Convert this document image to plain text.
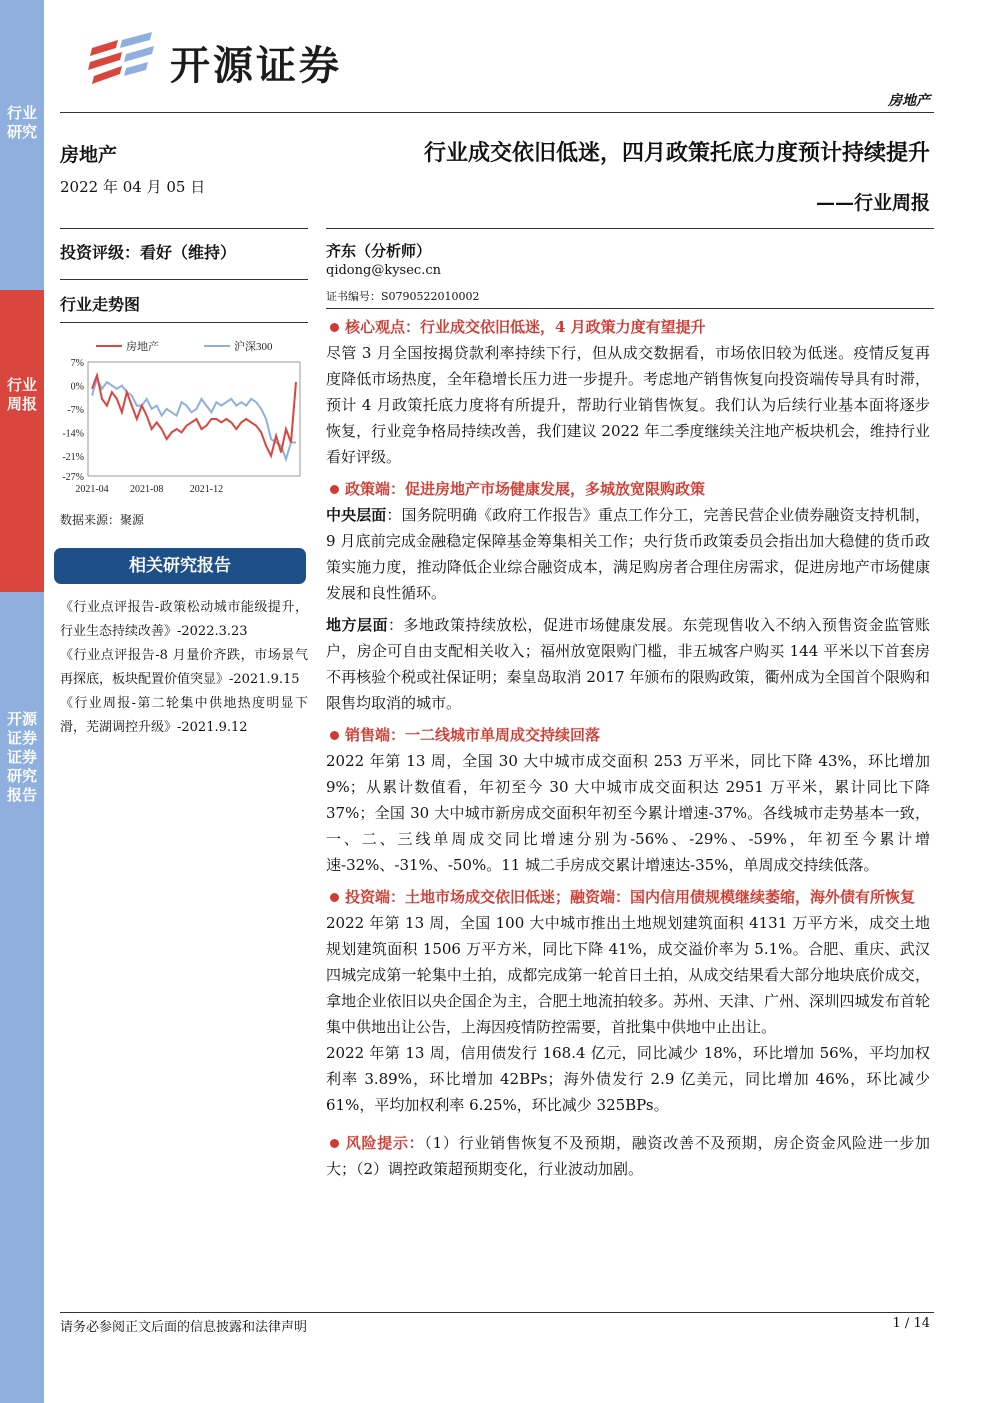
行业研究
行业周报
开源证券 证券研究报告
开源证券
房地产
房地产
2022 年 04 月 05 日
投资评级：看好（维持）
行业走势图
7%
0%
-7%
-14%
-21%
-27%
2021-04 2021-08	2021-12
房地产	沪深300
数据来源：聚源
相关研究报告

《行业点评报告-政策松动城市能级提升，行业生态持续改善》-2022.3.23

《行业点评报告-8 月量价齐跌，市场景气再探底，板块配置价值突显》-2021.9.15

《行业周报-第二轮集中供地热度明显下滑，芜湖调控升级》-2021.9.12

行业成交依旧低迷，四月政策托底力度预计持续提升
——行业周报
齐东（分析师）
qidong@kysec.cn
证书编号：S0790522010002

核心观点：行业成交依旧低迷，4 月政策力度有望提升

尽管 3 月全国按揭贷款利率持续下行，但从成交数据看，市场依旧较为低迷。疫情反复再度降低市场热度，全年稳增长压力进一步提升。考虑地产销售恢复向投资端传导具有时滞，预计 4 月政策托底力度将有所提升，帮助行业销售恢复。我们认为后续行业基本面将逐步恢复，行业竞争格局持续改善，我们建议 2022 年二季度继续关注地产板块机会，维持行业看好评级。

政策端：促进房地产市场健康发展，多城放宽限购政策

中央层面：国务院明确《政府工作报告》重点工作分工，完善民营企业债券融资支持机制，9 月底前完成金融稳定保障基金筹集相关工作；央行货币政策委员会指出加大稳健的货币政策实施力度，推动降低企业综合融资成本，满足购房者合理住房需求，促进房地产市场健康发展和良性循环。

地方层面：多地政策持续放松，促进市场健康发展。东莞现售收入不纳入预售资金监管账户，房企可自由支配相关收入；福州放宽限购门槛，非五城客户购买 144 平米以下首套房不再核验个税或社保证明；秦皇岛取消 2017 年颁布的限购政策，衢州成为全国首个限购和限售均取消的城市。

销售端：一二线城市单周成交持续回落

2022 年第 13 周，全国 30 大中城市成交面积 253 万平米，同比下降 43%，环比增加 9%；从累计数值看，年初至今 30 大中城市成交面积达 2951 万平米，累计同比下降 37%；全国 30 大中城市新房成交面积年初至今累计增速-37%。各线城市走势基本一致，一、二、三线单周成交同比增速分别为-56%、-29%、-59%，年初至今累计增速-32%、-31%、-50%。11 城二手房成交累计增速达-35%，单周成交持续低落。

投资端：土地市场成交依旧低迷；融资端：国内信用债规模继续萎缩，海外债有所恢复

2022 年第 13 周，全国 100 大中城市推出土地规划建筑面积 4131 万平方米，成交土地规划建筑面积 1506 万平方米，同比下降 41%，成交溢价率为 5.1%。合肥、重庆、武汉四城完成第一轮集中土拍，成都完成第一轮首日土拍，从成交结果看大部分地块底价成交，拿地企业依旧以央企国企为主，合肥土地流拍较多。苏州、天津、广州、深圳四城发布首轮集中供地出让公告，上海因疫情防控需要，首批集中供地中止出让。

2022 年第 13 周，信用债发行 168.4 亿元，同比减少 18%，环比增加 56%，平均加权利率 3.89%，环比增加 42BPs；海外债发行 2.9 亿美元，同比增加 46%，环比减少 61%，平均加权利率 6.25%，环比减少 325BPs。

风险提示：（1）行业销售恢复不及预期，融资改善不及预期，房企资金风险进一步加大；（2）调控政策超预期变化，行业波动加剧。

请务必参阅正文后面的信息披露和法律声明	1 / 14
